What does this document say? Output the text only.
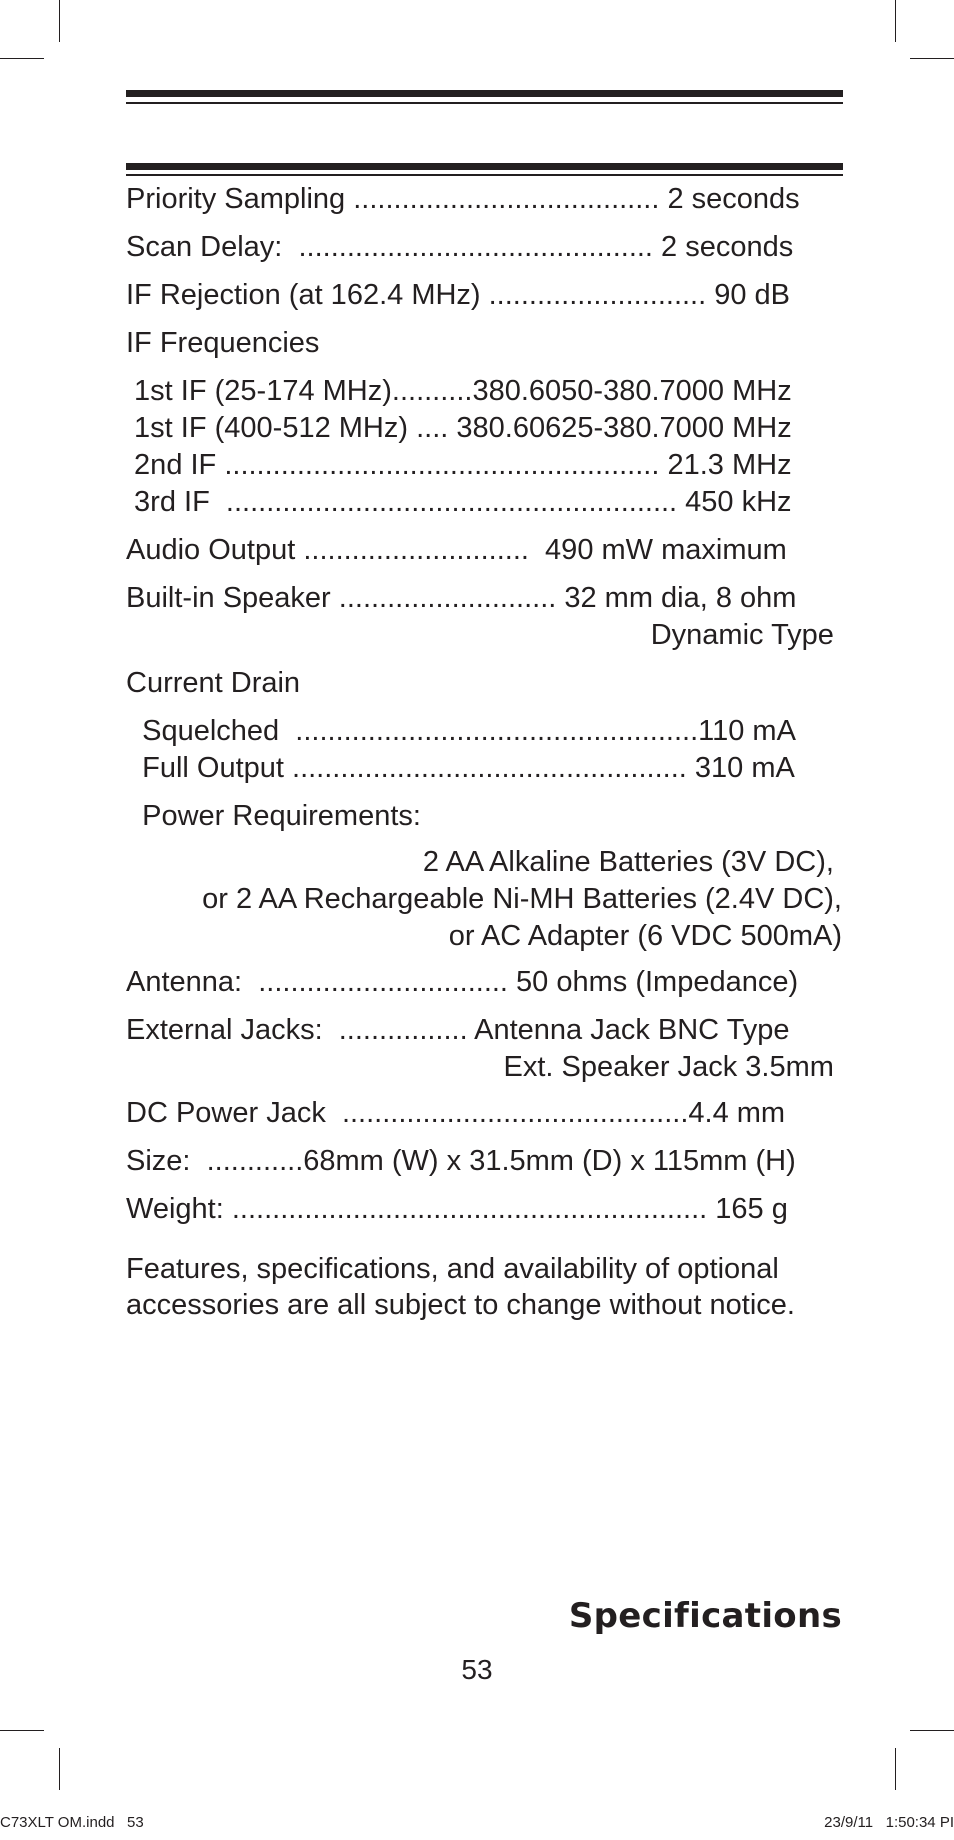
Priority Sampling ...................................... 2 seconds

Scan Delay:  ............................................ 2 seconds

IF Rejection (at 162.4 MHz) ........................... 90 dB

IF Frequencies

1st IF (25-174 MHz)..........380.6050-380.7000 MHz

1st IF (400-512 MHz) .... 380.60625-380.7000 MHz

2nd IF ...................................................... 21.3 MHz

3rd IF  ........................................................ 450 kHz

Audio Output ............................  490 mW maximum

Built-in Speaker ........................... 32 mm dia, 8 ohm

Dynamic Type

Current Drain

Squelched  ..................................................110 mA

Full Output ................................................. 310 mA

Power Requirements:

2 AA Alkaline Batteries (3V DC),

or 2 AA Rechargeable Ni-MH Batteries (2.4V DC),

or AC Adapter (6 VDC 500mA)

Antenna:  ............................... 50 ohms (Impedance)

External Jacks:  ................ Antenna Jack BNC Type

Ext. Speaker Jack 3.5mm

DC Power Jack  ...........................................4.4 mm

Size:  ............68mm (W) x 31.5mm (D) x 115mm (H)

Weight: ........................................................... 165 g

Features, specifications, and availability of optional accessories are all subject to change without notice.

Specifications
53
C73XLT OM.indd   53	23/9/11   1:50:34 PI
